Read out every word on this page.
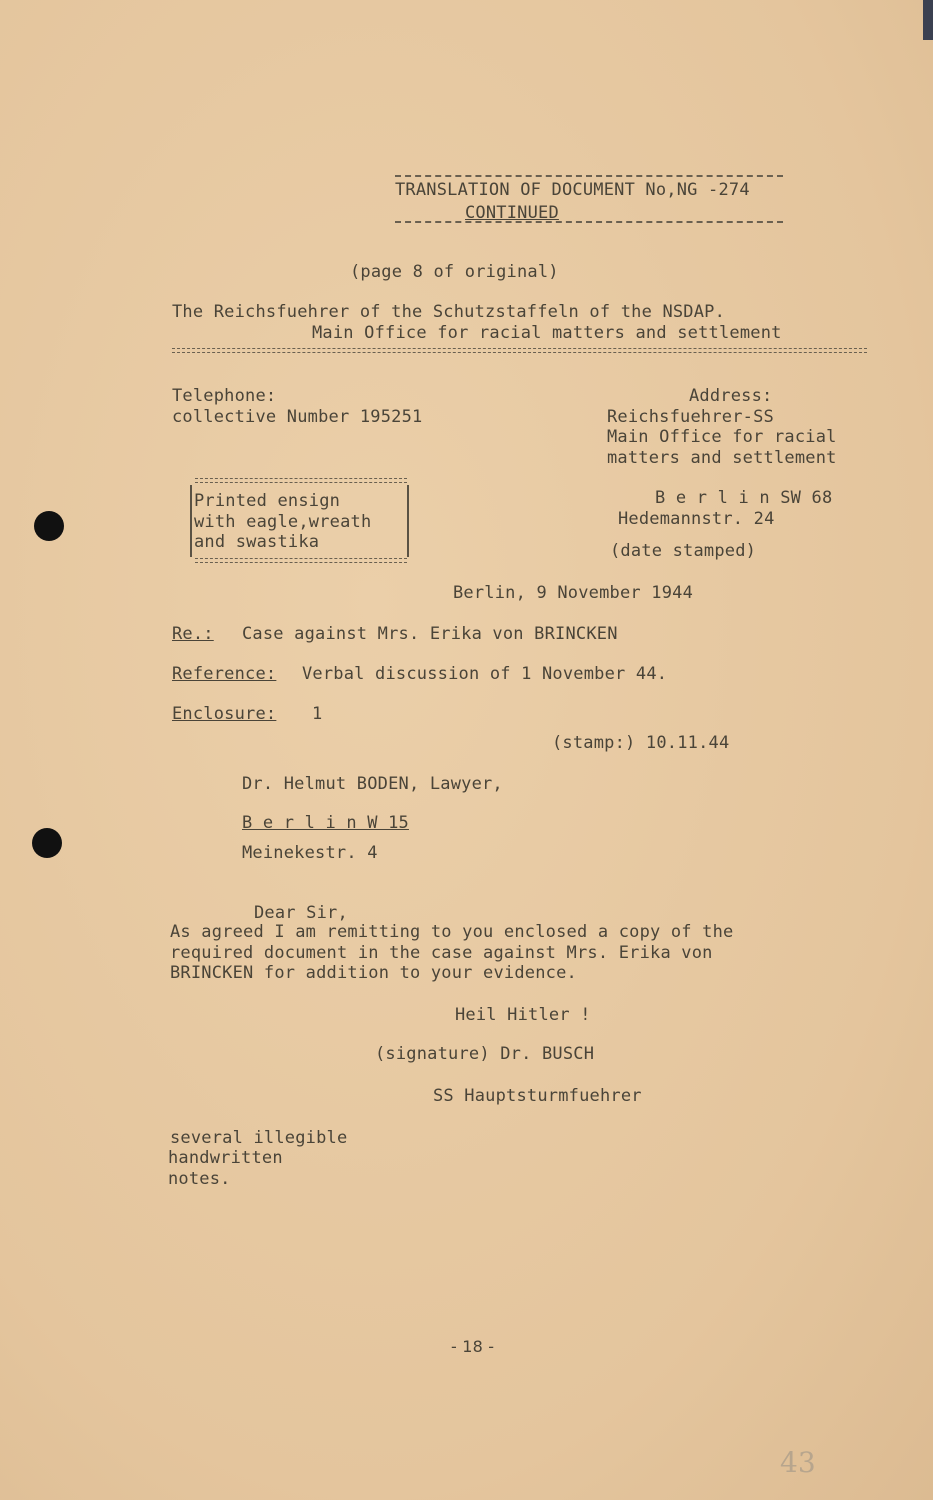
TRANSLATION OF DOCUMENT No,NG -274
CONTINUED
(page 8 of original)
The Reichsfuehrer of the Schutzstaffeln of the NSDAP.
Main Office for racial matters and settlement
Telephone:
collective Number 195251
Address:
Reichsfuehrer-SS
Main Office for racial
matters and settlement
B e r l i n SW 68
Hedemannstr. 24
(date stamped)
Printed ensign
with eagle,wreath
and swastika
Berlin, 9 November 1944
Re.: Case against Mrs. Erika von BRINCKEN
Reference: Verbal discussion of 1 November 44.
Enclosure: 1
(stamp:) 10.11.44
Dr. Helmut BODEN, Lawyer,
B e r l i n W 15
Meinekestr. 4
Dear Sir,
As agreed I am remitting to you enclosed a copy of the
required document in the case against Mrs. Erika von
BRINCKEN for addition to your evidence.
Heil Hitler !
(signature) Dr. BUSCH
SS Hauptsturmfuehrer
several illegible
handwritten
notes.
- 18 -
43
